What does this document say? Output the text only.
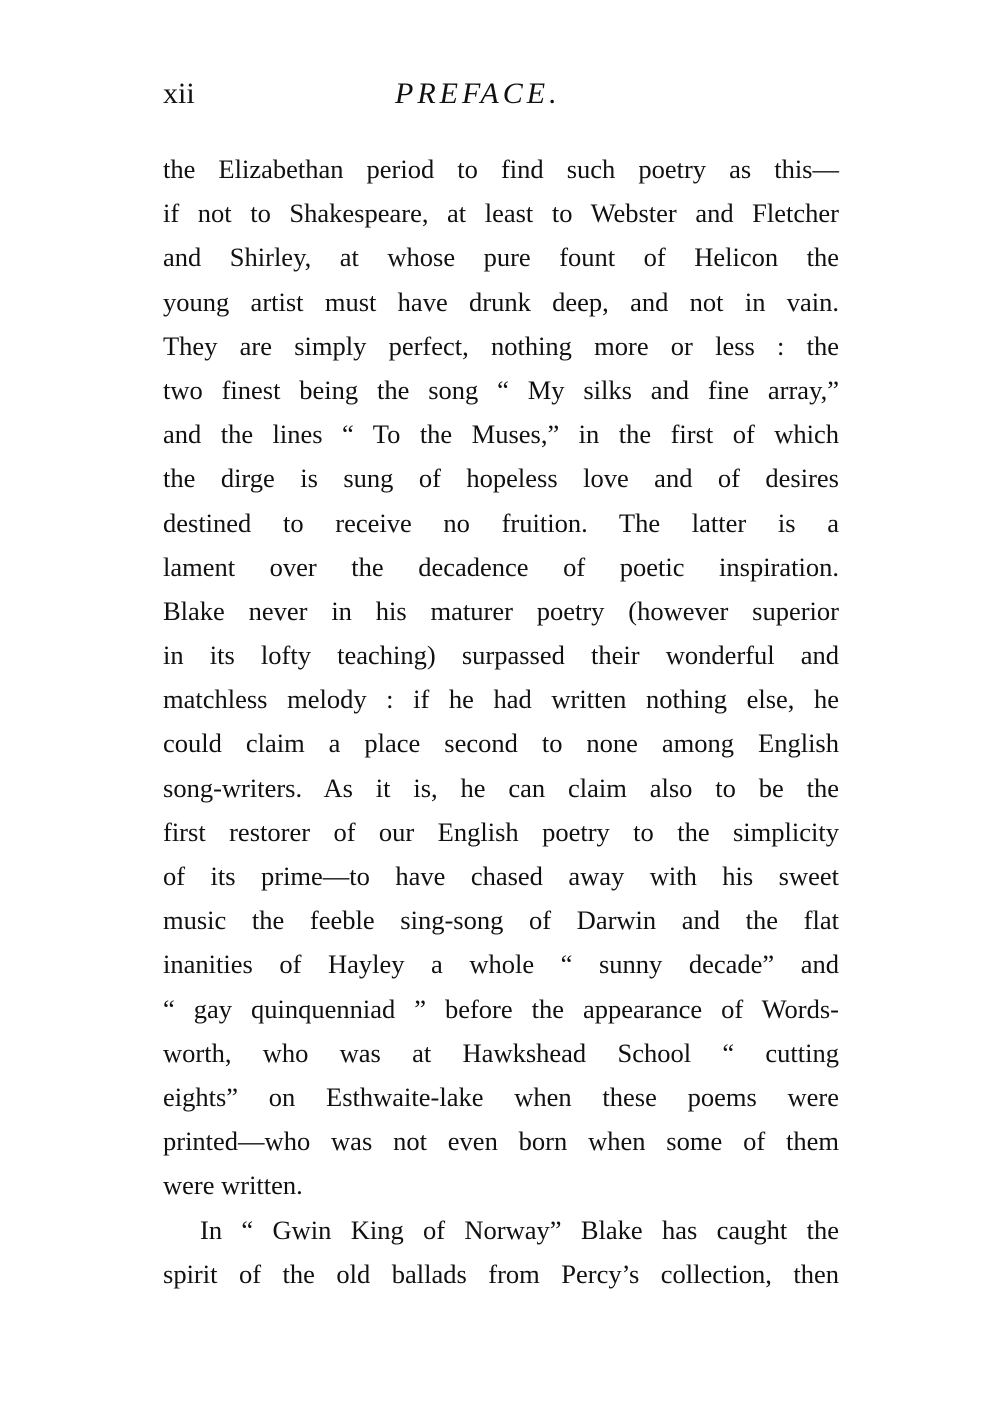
xii	PREFACE.
the Elizabethan period to find such poetry as this—
if not to Shakespeare, at least to Webster and Fletcher
and Shirley, at whose pure fount of Helicon the
young artist must have drunk deep, and not in vain.
They are simply perfect, nothing more or less : the
two finest being the song “ My silks and fine array,”
and the lines “ To the Muses,” in the first of which
the dirge is sung of hopeless love and of desires
destined to receive no fruition. The latter is a
lament over the decadence of poetic inspiration.
Blake never in his maturer poetry (however superior
in its lofty teaching) surpassed their wonderful and
matchless melody : if he had written nothing else, he
could claim a place second to none among English
song-writers. As it is, he can claim also to be the
first restorer of our English poetry to the simplicity
of its prime—to have chased away with his sweet
music the feeble sing-song of Darwin and the flat
inanities of Hayley a whole “ sunny decade” and
“ gay quinquenniad ” before the appearance of Words-
worth, who was at Hawkshead School “ cutting
eights” on Esthwaite-lake when these poems were
printed—who was not even born when some of them
were written.
In “ Gwin King of Norway” Blake has caught the
spirit of the old ballads from Percy’s collection, then
